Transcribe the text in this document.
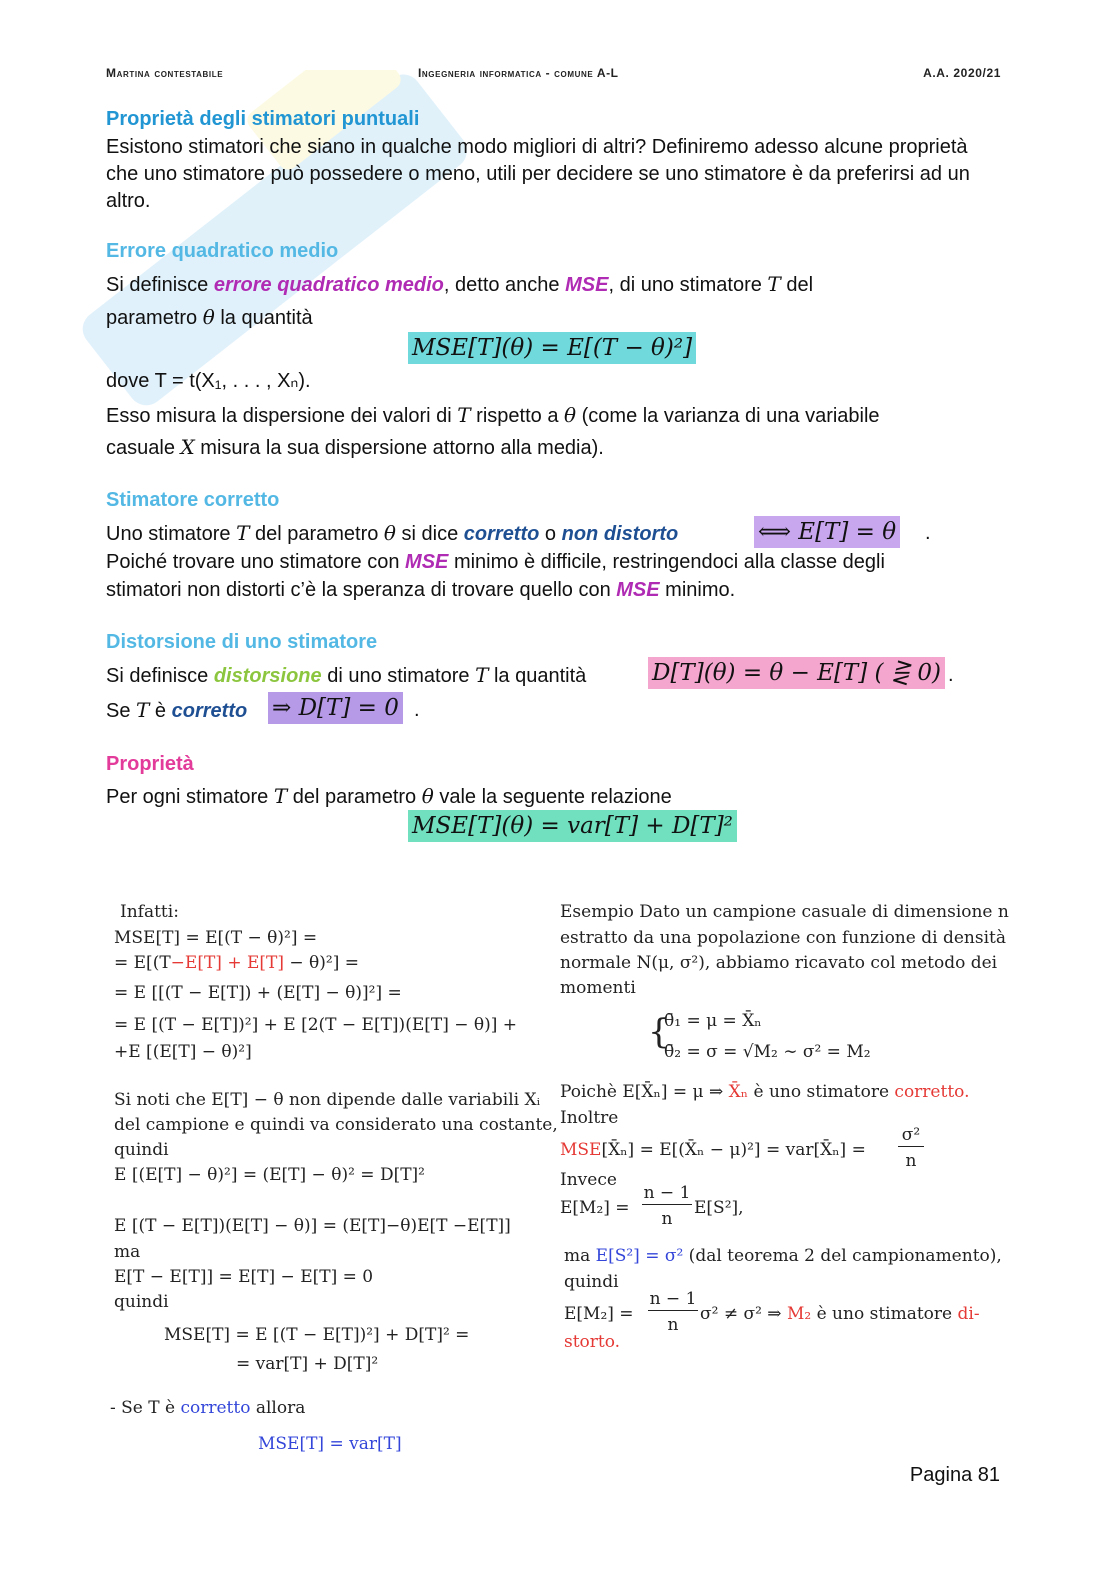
Martina contestabile	Ingegneria informatica - comune A-L	A.A. 2020/21
Proprietà degli stimatori puntuali
Esistono stimatori che siano in qualche modo migliori di altri? Definiremo adesso alcune proprietà che uno stimatore può possedere o meno, utili per decidere se uno stimatore è da preferirsi ad un altro.
Errore quadratico medio
Si definisce errore quadratico medio, detto anche MSE, di uno stimatore T del
parametro θ la quantità
MSE[T](θ) = E[(T − θ)²]
dove T = t(X₁, . . . , Xₙ).
Esso misura la dispersione dei valori di T rispetto a θ (come la varianza di una variabile
casuale X misura la sua dispersione attorno alla media).
Stimatore corretto
Uno stimatore T del parametro θ si dice corretto o non distorto	⟺ E[T] = θ .
Poiché trovare uno stimatore con MSE minimo è difficile, restringendoci alla classe degli
stimatori non distorti c’è la speranza di trovare quello con MSE minimo.
Distorsione di uno stimatore
Si definisce distorsione di uno stimatore T la quantità	D[T](θ) = θ − E[T] ( ⋛ 0) .
Se T è corretto	⇒ D[T] = 0 .
Proprietà
Per ogni stimatore T del parametro θ vale la seguente relazione
MSE[T](θ) = var[T] + D[T]²
Infatti:
MSE[T] = E[(T − θ)²] =
= E[(T−E[T] + E[T] − θ)²] =
= E [[(T − E[T]) + (E[T] − θ)]²] =
= E [(T − E[T])²] + E [2(T − E[T])(E[T] − θ)] +
+E [(E[T] − θ)²]
Si noti che E[T] − θ non dipende dalle variabili Xᵢ
del campione e quindi va considerato una costante,
quindi
E [(E[T] − θ)²] = (E[T] − θ)² = D[T]²
E [(T − E[T])(E[T] − θ)] = (E[T]−θ)E[T −E[T]]
ma
E[T − E[T]] = E[T] − E[T] = 0
quindi
MSE[T] = E [(T − E[T])²] + D[T]² =
= var[T] + D[T]²
- Se T è corretto allora
MSE[T] = var[T]
Esempio Dato un campione casuale di dimensione n
estratto da una popolazione con funzione di densità
normale N(μ, σ²), abbiamo ricavato col metodo dei
momenti
{
θ̄₁ = μ = X̄ₙ
θ̄₂ = σ = √M₂ ∼ σ² = M₂
Poichè E[X̄ₙ] = μ ⇒ X̄ₙ è uno stimatore corretto.
Inoltre
MSE[X̄ₙ] = E[(X̄ₙ − μ)²] = var[X̄ₙ] =
σ²
n
Invece
E[M₂] =
n − 1
n
E[S²],
ma E[S²] = σ² (dal teorema 2 del campionamento),
quindi
E[M₂] =
n − 1
n
σ² ≠ σ² ⇒ M₂ è uno stimatore di-
storto.
Pagina 81
